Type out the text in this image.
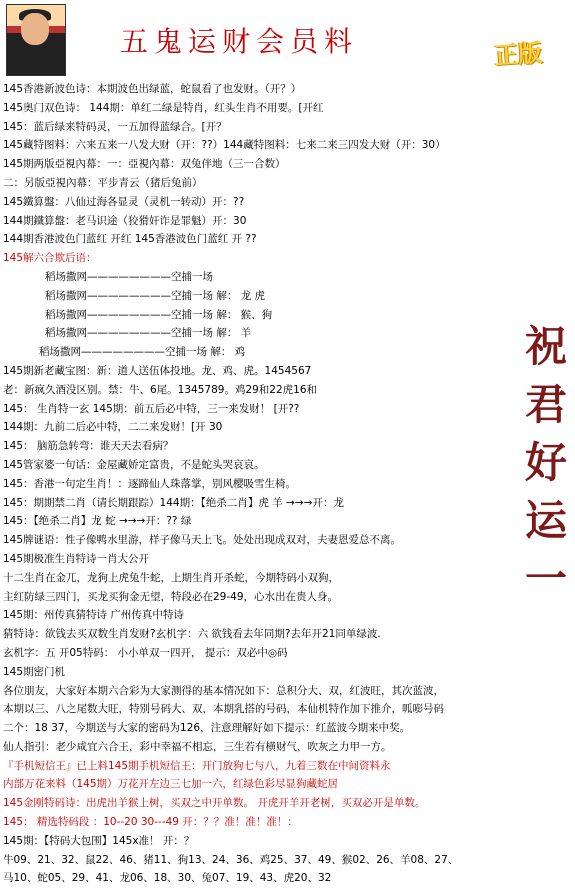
五鬼运财会员料	正版
145香港新波色诗：本期波色出绿蓝，蛇鼠看了也发财。（开？）
145奥门双色诗： 144期：单红二绿是特肖，红头生肖不用要。[开红
145：蓝后绿来特码灵，一五加得蓝绿合。[开？
145藏特图料：六来五来一八发大财（开：??）144藏特图料：七来二来三四发大财（开：30）
145期两版亞視內幕：一：亞視內幕：双兔伴地（三一合数）
二：另版亞視內幕：平步青云（猪后兔前）
145鐵算盤：八仙过海各显灵（灵机一转动）开：??
144期鐵算盤：老马识途（狡猾奸诈是罪魁）开：30
144期香港波色门蓝红 开红 145香港波色门蓝红 开 ??
145解六合欺后语：
稻场撒网————————空捕一场
稻场撒网————————空捕一场 解： 龙 虎
稻场撒网————————空捕一场 解： 猴、狗
稻场撒网————————空捕一场 解： 羊
稻场撒网————————空捕一场 解： 鸡
145期新老藏宝图：新：道人送伍体投地。龙、鸡、虎。1454567
老：新疯久酒没区别。禁：牛、6尾。1345789。鸡29和22虎16和
145： 生肖特一玄 145期：前五后必中特，三一来发财！ [开??
144期：九前二后必中特，二二来发财！[开 30
145： 脑筋急转弯：谁天天去看病？
145管家婆一句话：金屋藏娇定富贵，不是蛇头哭哀哀。
145：香港一句定生肖！：逐蹄仙人珠落掌，别风樱吸雪生椅。
145：期期禁二肖（请长期跟踪）144期：【绝杀二肖】虎 羊 →→→开：龙
145：【绝杀二肖】龙 蛇 →→→开：?? 绿
145牌谜语：性子像鸭水里游，样子像马天上飞。处处出现成双对，夫妻恩爱总不离。
145期极准生肖特诗一肖大公开
十二生肖在金兀，龙狗上虎兔牛蛇，上期生肖开杀蛇，今期特码小双狗，
主红防绿三四门，买龙买狗金无望，特段必在29-49，心水出在贵人身。
145期：州传真猜特诗 广州传真中特诗
猜特诗：欲钱去买双数生肖发财?玄机字：六 欲钱看去年同期?去年开21同单绿波.
玄机字：五 开05特码： 小小单双一四开， 提示：双必中◎码
145期密门机
各位朋友，大家好本期六合彩为大家测得的基本情况如下：总积分大、双，红波旺，其次蓝波，
本期以三、八之尾数大旺，特别号码大、双，本期乳搭的号码，本仙机特作加下推介，呱嘭号码
二个：18 37，今期送与大家的密码为126，注意理解好如下提示：红蓝波今期来中奖。
仙人指引：老少咸宜六合王，彩中幸福不相忘，三生若有横财气，吹灰之力甲一方。
『手机短信王』已上料145期手机短信王：开门放狗七与八，九着三数在中间资料永
内部万花来料（145期）万花开左边三七加一六，红绿色彩尽显狗藏蛇居
145金刚特码诗：出虎出羊猴上树，买双之中开单数。 开虎开羊开老树，买双必开是单数。
145： 精选特码段 ：10--20 30---49 开：？？准！准！准！：
145期：【特码大包围】145x准！ 开：？
牛09、21、32、鼠22、46、猪11、狗13、24、36、鸡25、37、49、猴02、26、羊08、27、
马10、蛇05、29、41、龙06、18、30、兔07、19、43、虎20、32
祝
君
好
运
一
